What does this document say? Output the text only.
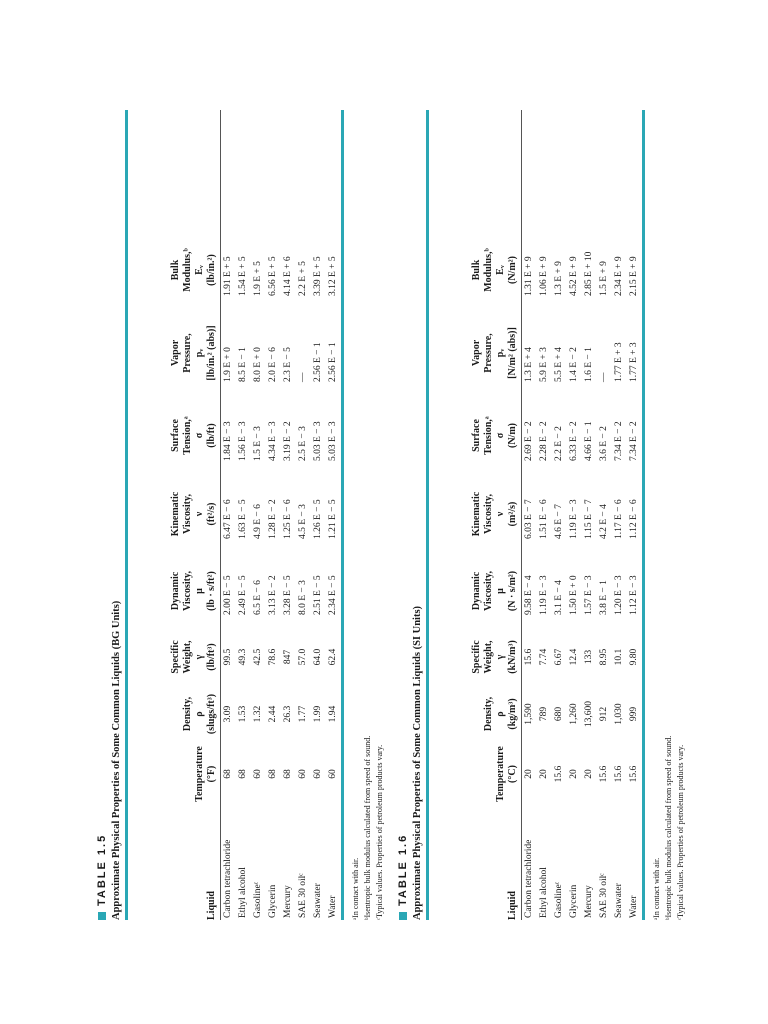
TABLE 1.5 Approximate Physical Properties of Some Common Liquids (BG Units)	Liquid
Temperature
(°F)
Density,
ρ
(slugs/ft³)
Specific
Weight,
γ
(lb/ft³)
Dynamic
Viscosity,
μ
(lb · s/ft²)
Kinematic
Viscosity,
ν
(ft²/s)
Surface
Tension,ᵃ
σ
(lb/ft)
Vapor
Pressure,
pᵥ
[lb/in.² (abs)]
Bulk
Modulus,ᵇ
Eᵥ
(lb/in.²)
Carbon tetrachloride
68
3.09
99.5
2.00 E − 5
6.47 E − 6
1.84 E − 3
1.9 E + 0
1.91 E + 5
Ethyl alcohol
68
1.53
49.3
2.49 E − 5
1.63 E − 5
1.56 E − 3
8.5 E − 1
1.54 E + 5
Gasolineᶜ
60
1.32
42.5
6.5 E − 6
4.9 E − 6
1.5 E − 3
8.0 E + 0
1.9 E + 5
Glycerin
68
2.44
78.6
3.13 E − 2
1.28 E − 2
4.34 E − 3
2.0 E − 6
6.56 E + 5
Mercury
68
26.3
847
3.28 E − 5
1.25 E − 6
3.19 E − 2
2.3 E − 5
4.14 E + 6
SAE 30 oilᶜ
60
1.77
57.0
8.0 E − 3
4.5 E − 3
2.5 E − 3
—
2.2 E + 5
Seawater
60
1.99
64.0
2.51 E − 5
1.26 E − 5
5.03 E − 3
2.56 E − 1
3.39 E + 5
Water
60
1.94
62.4
2.34 E − 5
1.21 E − 5
5.03 E − 3
2.56 E − 1
3.12 E + 5
ᵃIn contact with air. ᵇIsentropic bulk modulus calculated from speed of sound. ᶜTypical values. Properties of petroleum products vary. TABLE 1.6 Approximate Physical Properties of Some Common Liquids (SI Units)	Liquid
Temperature
(°C)
Density,
ρ
(kg/m³)
Specific
Weight,
γ
(kN/m³)
Dynamic
Viscosity,
μ
(N · s/m²)
Kinematic
Viscosity,
ν
(m²/s)
Surface
Tension,ᵃ
σ
(N/m)
Vapor
Pressure,
pᵥ
[N/m² (abs)]
Bulk
Modulus,ᵇ
Eᵥ
(N/m²)
Carbon tetrachloride
20
1,590
15.6
9.58 E − 4
6.03 E − 7
2.69 E − 2
1.3 E + 4
1.31 E + 9
Ethyl alcohol
20
789
7.74
1.19 E − 3
1.51 E − 6
2.28 E − 2
5.9 E + 3
1.06 E + 9
Gasolineᶜ
15.6
680
6.67
3.1 E − 4
4.6 E − 7
2.2 E − 2
5.5 E + 4
1.3 E + 9
Glycerin
20
1,260
12.4
1.50 E + 0
1.19 E − 3
6.33 E − 2
1.4 E − 2
4.52 E + 9
Mercury
20
13,600
133
1.57 E − 3
1.15 E − 7
4.66 E − 1
1.6 E − 1
2.85 E + 10
SAE 30 oilᶜ
15.6
912
8.95
3.8 E − 1
4.2 E − 4
3.6 E − 2
—
1.5 E + 9
Seawater
15.6
1,030
10.1
1.20 E − 3
1.17 E − 6
7.34 E − 2
1.77 E + 3
2.34 E + 9
Water
15.6
999
9.80
1.12 E − 3
1.12 E − 6
7.34 E − 2
1.77 E + 3
2.15 E + 9
ᵃIn contact with air. ᵇIsentropic bulk modulus calculated from speed of sound. ᶜTypical values. Properties of petroleum products vary.
